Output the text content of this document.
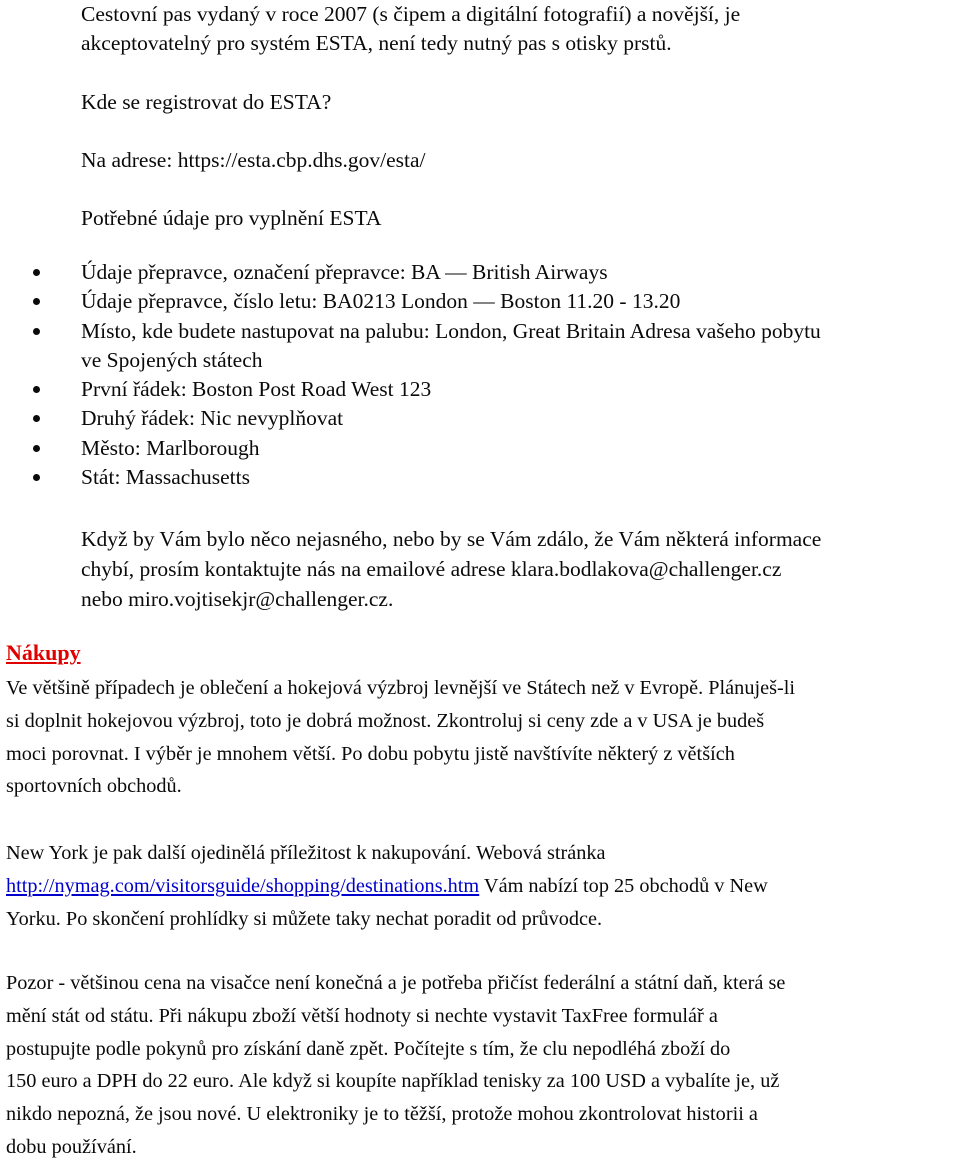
Cestovní pas vydaný v roce 2007 (s čipem a digitální fotografií) a novější, je
akceptovatelný pro systém ESTA, není tedy nutný pas s otisky prstů.
Kde se registrovat do ESTA?
Na adrese: https://esta.cbp.dhs.gov/esta/
Potřebné údaje pro vyplnění ESTA
Údaje přepravce, označení přepravce: BA — British Airways
Údaje přepravce, číslo letu: BA0213 London — Boston 11.20 - 13.20
Místo, kde budete nastupovat na palubu: London, Great Britain Adresa vašeho pobytu
ve Spojených státech
První řádek: Boston Post Road West 123
Druhý řádek: Nic nevyplňovat
Město: Marlborough
Stát: Massachusetts
Když by Vám bylo něco nejasného, nebo by se Vám zdálo, že Vám některá informace
chybí, prosím kontaktujte nás na emailové adrese klara.bodlakova@challenger.cz
nebo miro.vojtisekjr@challenger.cz.
Nákupy
Ve většině případech je oblečení a hokejová výzbroj levnější ve Státech než v Evropě. Plánuješ-li
si doplnit hokejovou výzbroj, toto je dobrá možnost. Zkontroluj si ceny zde a v USA je budeš
moci porovnat. I výběr je mnohem větší. Po dobu pobytu jistě navštívíte některý z větších
sportovních obchodů.
New York je pak další ojedinělá příležitost k nakupování. Webová stránka
http://nymag.com/visitorsguide/shopping/destinations.htm Vám nabízí top 25 obchodů v New
Yorku. Po skončení prohlídky si můžete taky nechat poradit od průvodce.
Pozor - většinou cena na visačce není konečná a je potřeba přičíst federální a státní daň, která se
mění stát od státu. Při nákupu zboží větší hodnoty si nechte vystavit TaxFree formulář a
postupujte podle pokynů pro získání daně zpět. Počítejte s tím, že clu nepodléhá zboží do
150 euro a DPH do 22 euro. Ale když si koupíte například tenisky za 100 USD a vybalíte je, už
nikdo nepozná, že jsou nové. U elektroniky je to těžší, protože mohou zkontrolovat historii a
dobu používání.
